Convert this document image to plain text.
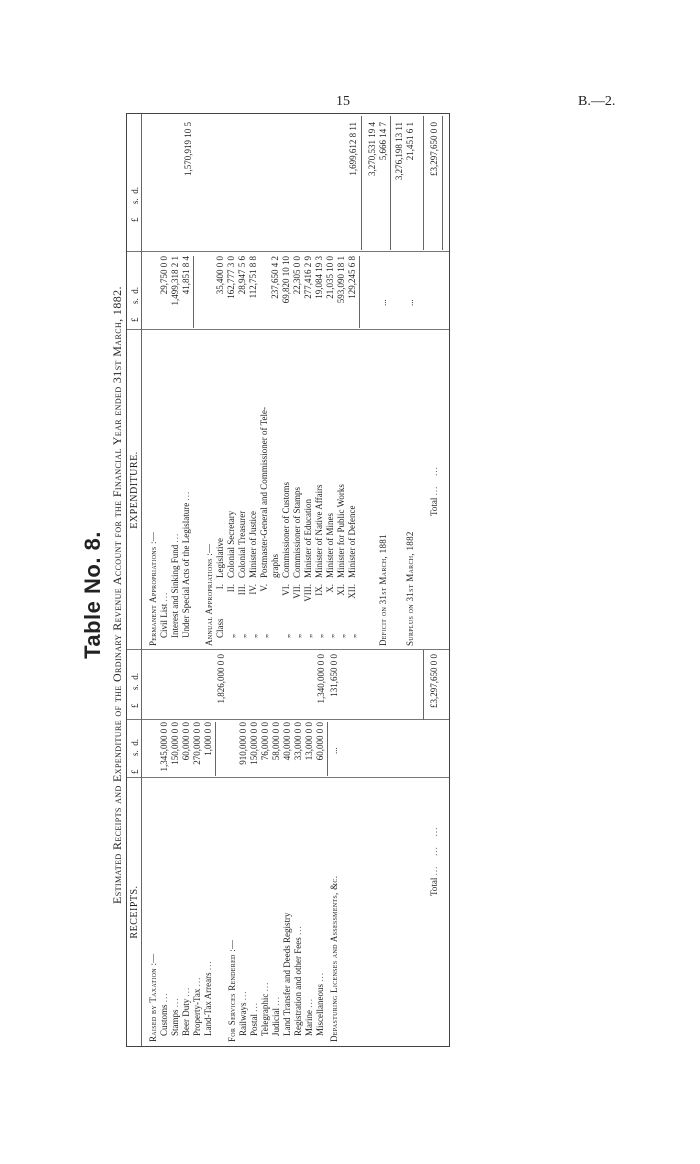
15	B.—2.
Table No. 8. Estimated Receipts and Expenditure of the Ordinary Revenue Account for the Financial Year ended 31st March, 1882.
RECEIPTS.
EXPENDITURE.
£      s.  d.
£      s.  d.
£      s.  d.
£      s.  d.
Raised by Taxation :— Customs ...
1,345,000 0 0
Stamps ...
150,000 0 0
Beer Duty ...
60,000 0 0
Property-Tax ...
270,000 0 0
Land-Tax Arrears ...
1,000 0 0
1,826,000 0 0
For Services Rendered :— Railways ...
910,000 0 0
Postal ...
150,000 0 0
Telegraphic ...
76,000 0 0
Judicial ...
58,000 0 0
Land Transfer and Deeds Registry
40,000 0 0
Registration and other Fees ...
33,000 0 0
Marine ...
13,000 0 0
Miscellaneous ...
60,000 0 0
1,340,000 0 0
Depasturing Licenses and Assessments, &c.
131,650 0 0
...
Total ...   ...   ...
£3,297,650 0 0
Permanent Appropriations :— Civil List ...
29,750 0 0
Interest and Sinking Fund ...
1,499,318 2 1
Under Special Acts of the Legislature ...
41,851 8 4
1,570,919 10 5
Annual Appropriations :— ClassI.Legislative
35,400 0 0
„II.Colonial Secretary
162,777 3 0
„III.Colonial Treasurer
28,947 5 6
„IV.Minister of Justice
112,751 8 8
„V.Postmaster-General and Commissioner of Tele- graphs
237,650 4 2
„VI.Commissioner of Customs
69,820 10 10
„VII.Commissioner of Stamps
22,305 0 0
„VIII.Minister of Education
277,416 2 9
„IX.Minister of Native Affairs
19,084 19 3
„X.Minister of Mines
21,035 10 0
„XI.Minister for Public Works
593,090 18 1
„XII.Minister of Defence
129,245 6 8
1,699,612 8 11 3,270,531 19 4
Deficit on 31st March, 1881
5,666 14 7 3,276,198 13 11
Surplus on 31st March, 1882
21,451 6 1
... ...
Total ...   ...
£3,297,650 0 0
